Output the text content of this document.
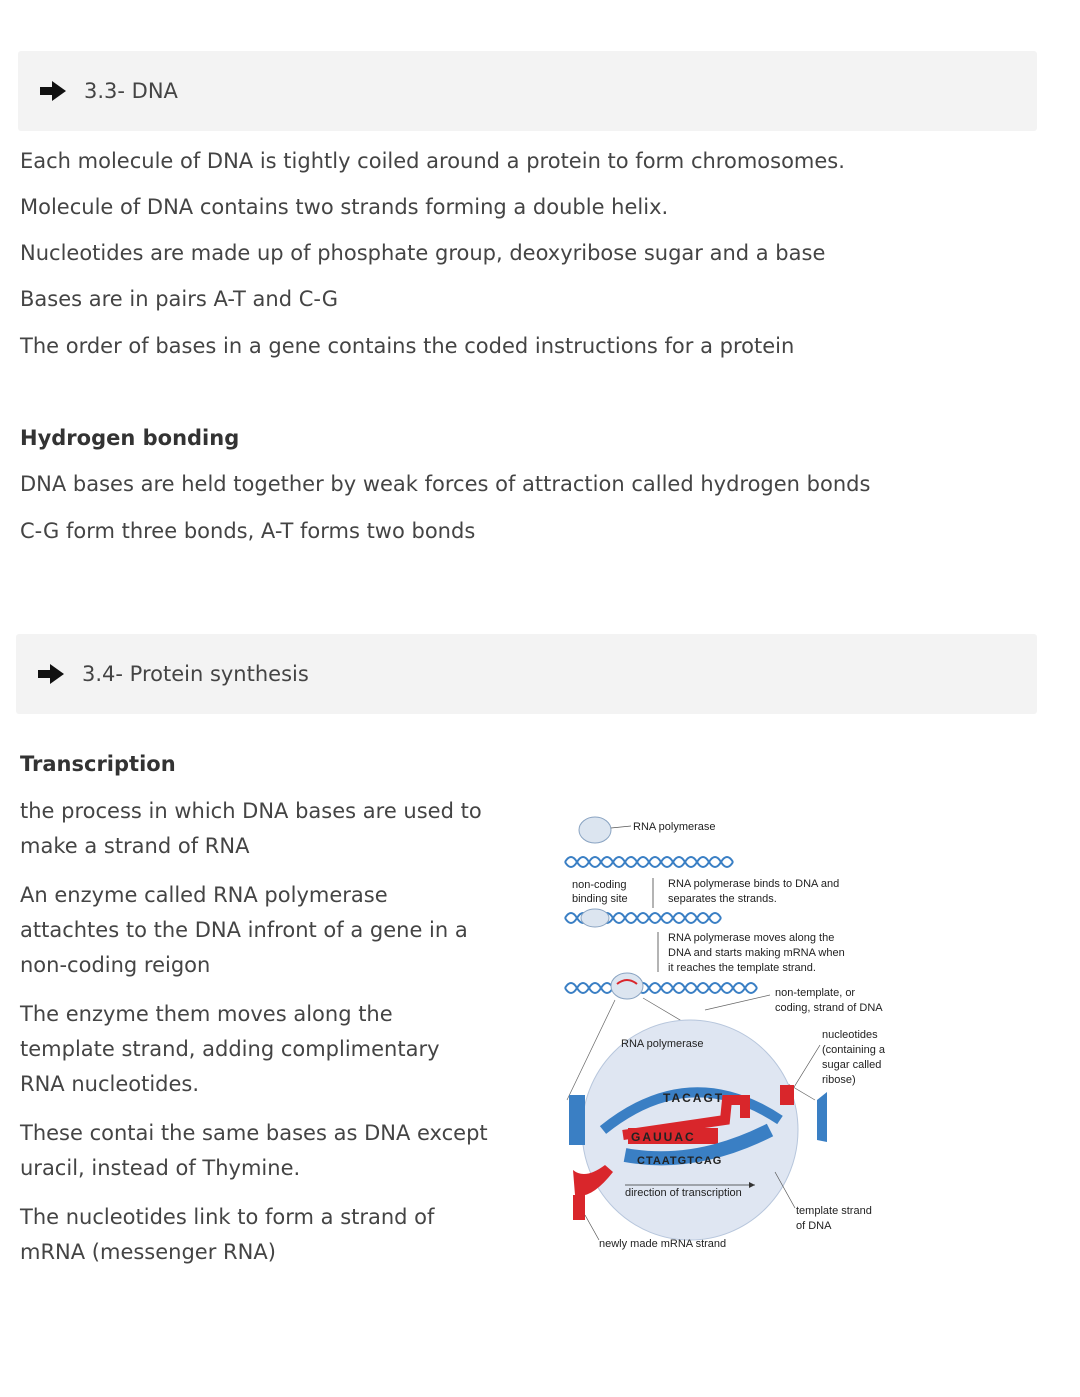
3.3- DNA
Each molecule of DNA is tightly coiled around a protein to form chromosomes.
Molecule of DNA contains two strands forming a double helix.
Nucleotides are made up of phosphate group, deoxyribose sugar and a base
Bases are in pairs A-T and C-G
The order of bases in a gene contains the coded instructions for a protein
Hydrogen bonding
DNA bases are held together by weak forces of attraction called hydrogen bonds
C-G form three bonds, A-T forms two bonds
3.4- Protein synthesis
Transcription

the process in which DNA bases are used to make a strand of RNA

An enzyme called RNA polymerase attachtes to the DNA infront of a gene in a non-coding reigon

The enzyme them moves along the template strand, adding complimentary RNA nucleotides.

These contai the same bases as DNA except uracil, instead of Thymine.

The nucleotides link to form a strand of mRNA (messenger RNA)

RNA polymerase
non-coding
binding site
RNA polymerase binds to DNA and
separates the strands.
RNA polymerase moves along the
DNA and starts making mRNA when
it reaches the template strand.
non-template, or
coding, strand of DNA
RNA polymerase
nucleotides
(containing a
sugar called
ribose)
TACAGT
GAUUAC
CTAATGTCAG
direction of transcription
template strand
of DNA
newly made mRNA strand
